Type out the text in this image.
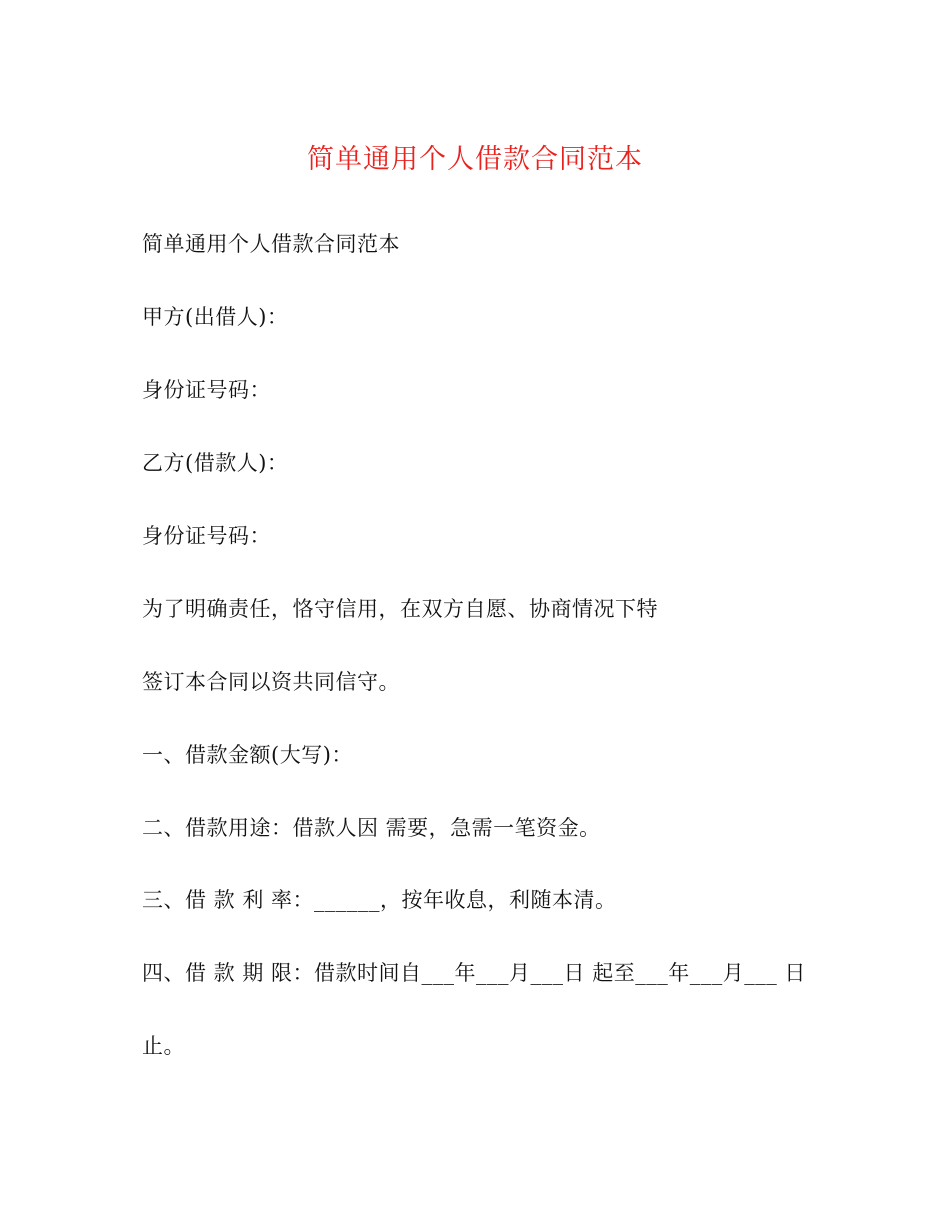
简单通用个人借款合同范本
简单通用个人借款合同范本
甲方(出借人)：
身份证号码：
乙方(借款人)：
身份证号码：
为了明确责任，恪守信用，在双方自愿、协商情况下特
签订本合同以资共同信守。
一、借款金额(大写)：
二、借款用途：借款人因 需要，急需一笔资金。
三、借 款 利 率：______，按年收息，利随本清。
四、借 款 期 限：借款时间自___年___月___日 起至___年___月___ 日
止。
